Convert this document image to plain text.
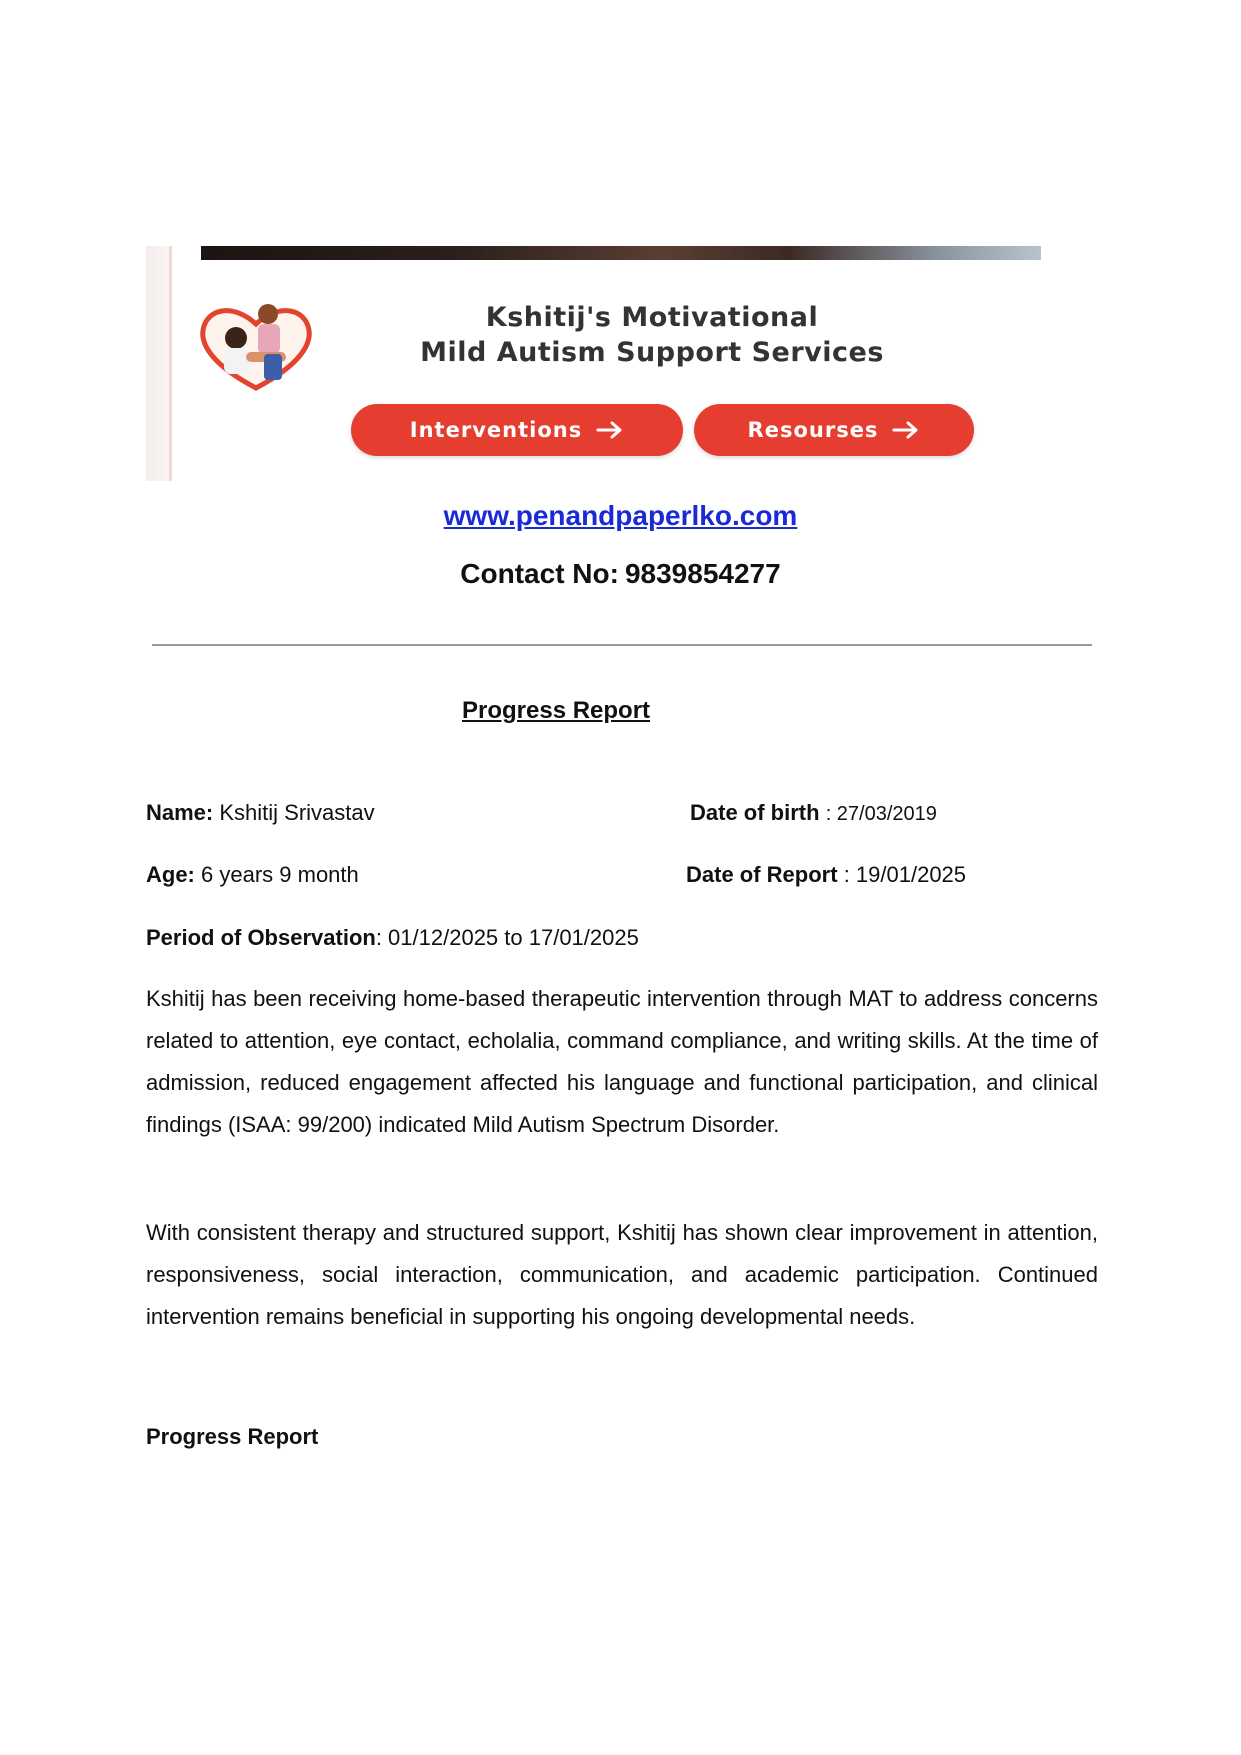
Kshitij's Motivational
Mild Autism Support Services
Interventions	Resourses
www.penandpaperlko.com
Contact No: 9839854277
Progress Report
Name: Kshitij Srivastav	Date of birth : 27/03/2019
Age: 6 years 9 month	Date of Report : 19/01/2025
Period of Observation: 01/12/2025 to 17/01/2025

Kshitij has been receiving home-based therapeutic intervention through MAT to address concerns related to attention, eye contact, echolalia, command compliance, and writing skills. At the time of admission, reduced engagement affected his language and functional participation, and clinical findings (ISAA: 99/200) indicated Mild Autism Spectrum Disorder.

With consistent therapy and structured support, Kshitij has shown clear improvement in attention, responsiveness, social interaction, communication, and academic participation. Continued intervention remains beneficial in supporting his ongoing developmental needs.

Progress Report
